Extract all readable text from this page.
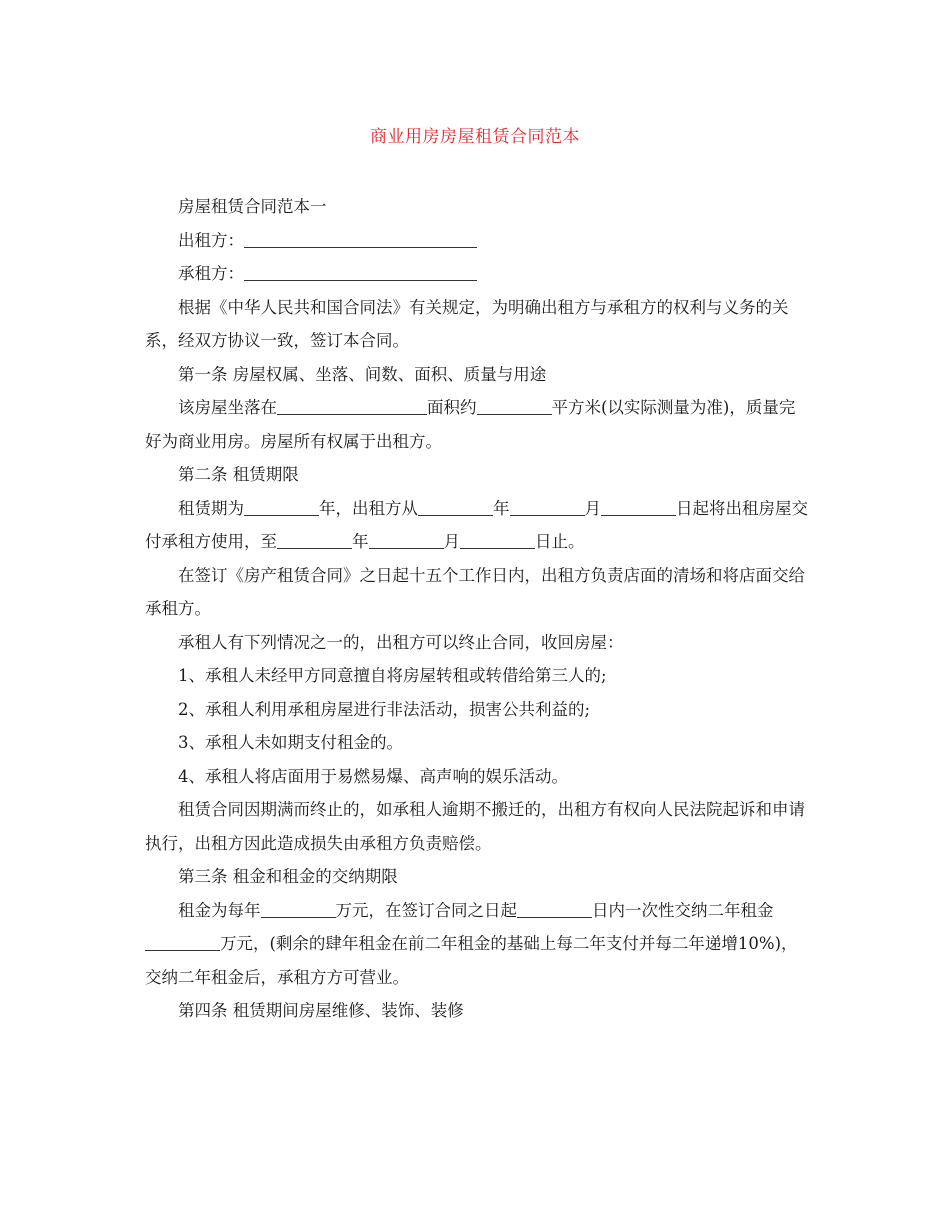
商业用房房屋租赁合同范本

房屋租赁合同范本一

出租方：

承租方：

根据《中华人民共和国合同法》有关规定，为明确出租方与承租方的权利与义务的关系，经双方协议一致，签订本合同。

第一条 房屋权属、坐落、间数、面积、质量与用途

该房屋坐落在	面积约	平方米(以实际测量为准)，质量完好为商业用房。房屋所有权属于出租方。

第二条 租赁期限

租赁期为	年，出租方从	年	月	日起将出租房屋交付承租方使用，至	年	月	日止。

在签订《房产租赁合同》之日起十五个工作日内，出租方负责店面的清场和将店面交给承租方。

承租人有下列情况之一的，出租方可以终止合同，收回房屋：

1、承租人未经甲方同意擅自将房屋转租或转借给第三人的;

2、承租人利用承租房屋进行非法活动，损害公共利益的;

3、承租人未如期支付租金的。

4、承租人将店面用于易燃易爆、高声响的娱乐活动。

租赁合同因期满而终止的，如承租人逾期不搬迁的，出租方有权向人民法院起诉和申请执行，出租方因此造成损失由承租方负责赔偿。

第三条 租金和租金的交纳期限

租金为每年	万元，在签订合同之日起	日内一次性交纳二年租金万元，(剩余的肆年租金在前二年租金的基础上每二年支付并每二年递增10%)，交纳二年租金后，承租方方可营业。

第四条 租赁期间房屋维修、装饰、装修
